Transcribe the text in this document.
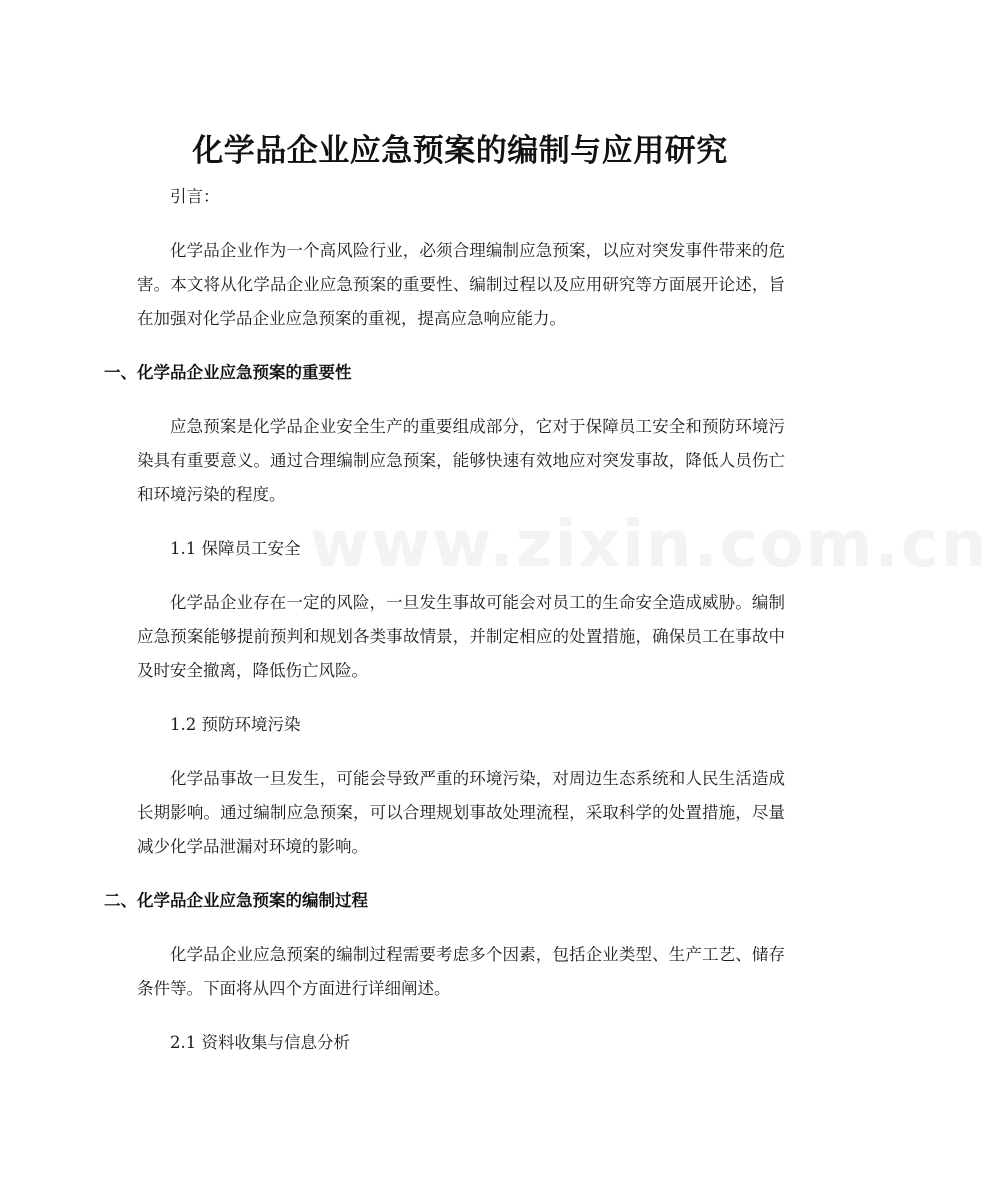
www.zixin.com.cn
化学品企业应急预案的编制与应用研究

引言：

化学品企业作为一个高风险行业，必须合理编制应急预案，以应对突发事件带来的危害。本文将从化学品企业应急预案的重要性、编制过程以及应用研究等方面展开论述，旨在加强对化学品企业应急预案的重视，提高应急响应能力。

一、化学品企业应急预案的重要性

应急预案是化学品企业安全生产的重要组成部分，它对于保障员工安全和预防环境污染具有重要意义。通过合理编制应急预案，能够快速有效地应对突发事故，降低人员伤亡和环境污染的程度。

1.1 保障员工安全

化学品企业存在一定的风险，一旦发生事故可能会对员工的生命安全造成威胁。编制应急预案能够提前预判和规划各类事故情景，并制定相应的处置措施，确保员工在事故中及时安全撤离，降低伤亡风险。

1.2 预防环境污染

化学品事故一旦发生，可能会导致严重的环境污染，对周边生态系统和人民生活造成长期影响。通过编制应急预案，可以合理规划事故处理流程，采取科学的处置措施，尽量减少化学品泄漏对环境的影响。

二、化学品企业应急预案的编制过程

化学品企业应急预案的编制过程需要考虑多个因素，包括企业类型、生产工艺、储存条件等。下面将从四个方面进行详细阐述。

2.1 资料收集与信息分析
